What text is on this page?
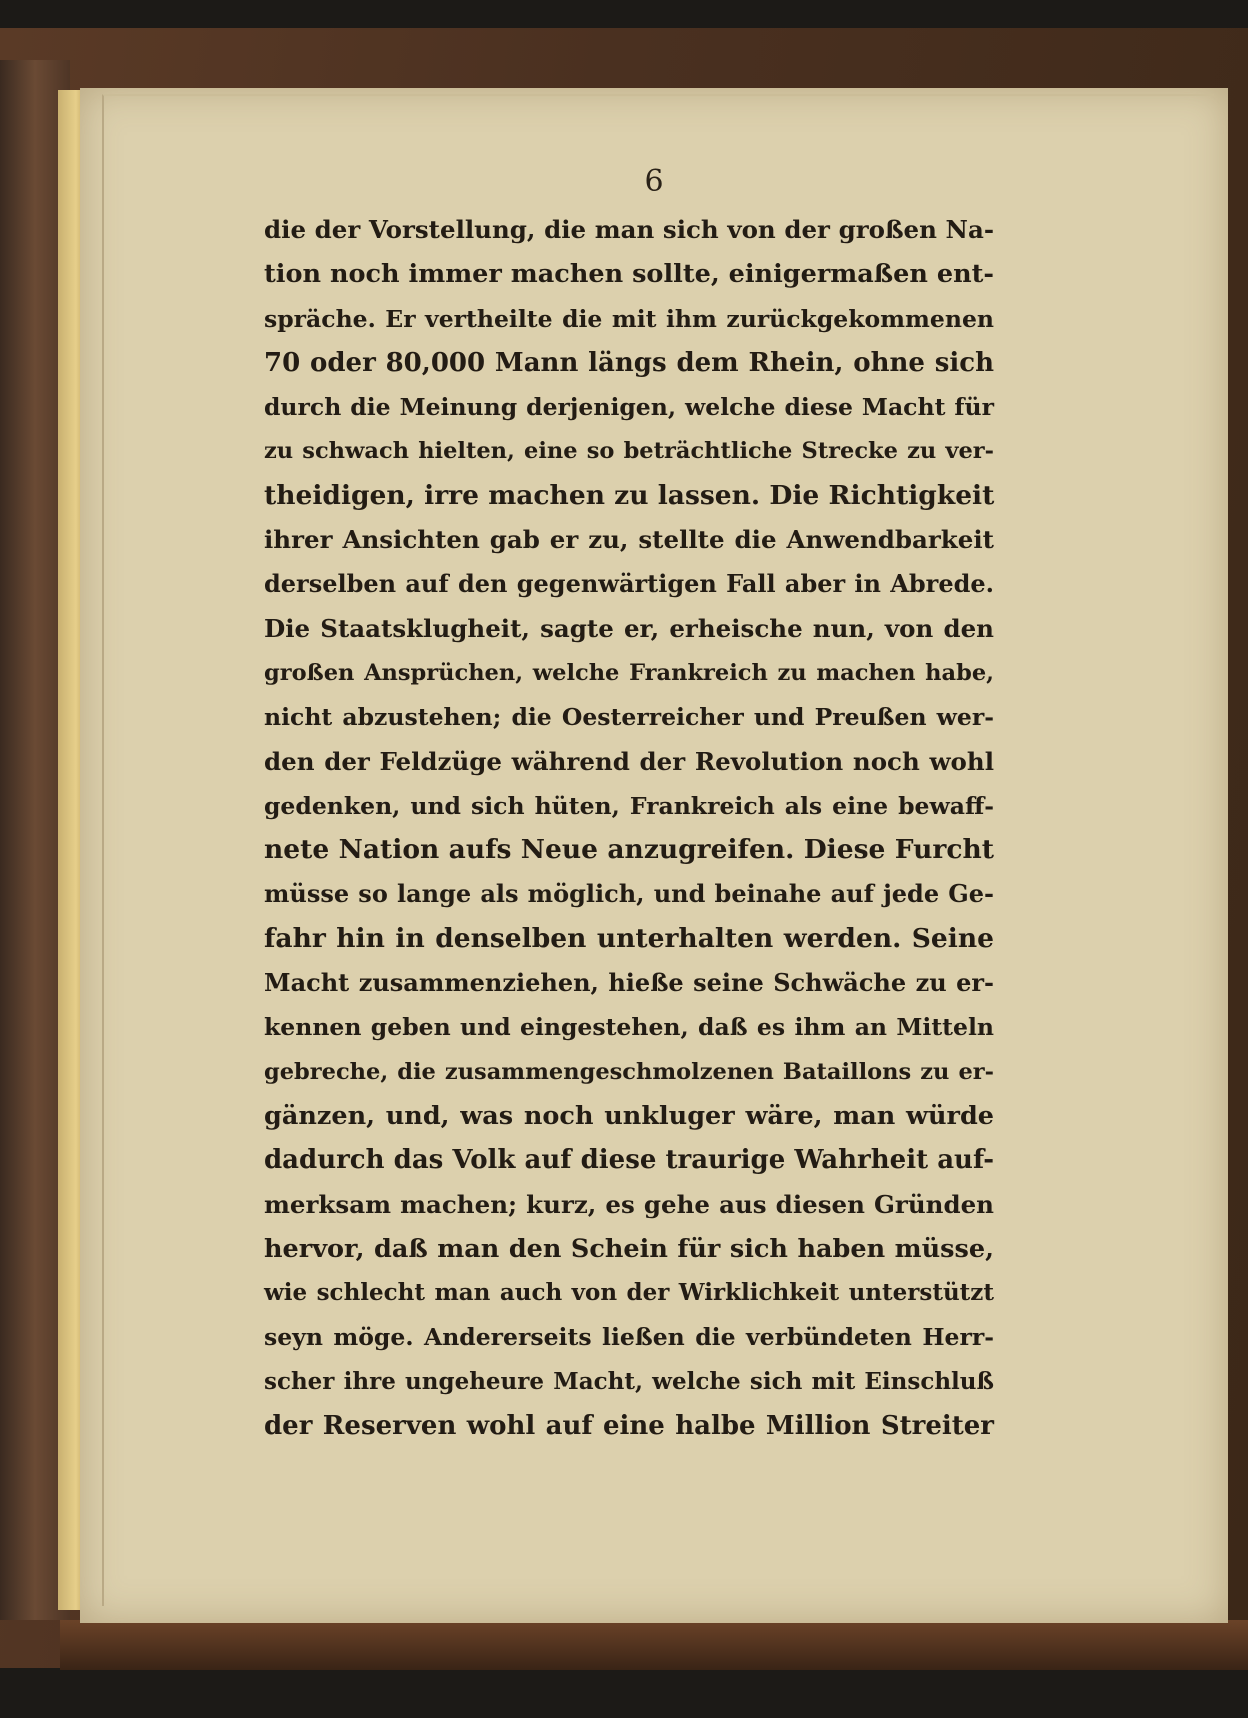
6
die der Vorstellung, die man sich von der großen Na-
tion noch immer machen sollte, einigermaßen ent-
spräche. Er vertheilte die mit ihm zurückgekommenen
70 oder 80,000 Mann längs dem Rhein, ohne sich
durch die Meinung derjenigen, welche diese Macht für
zu schwach hielten, eine so beträchtliche Strecke zu ver-
theidigen, irre machen zu lassen. Die Richtigkeit
ihrer Ansichten gab er zu, stellte die Anwendbarkeit
derselben auf den gegenwärtigen Fall aber in Abrede.
Die Staatsklugheit, sagte er, erheische nun, von den
großen Ansprüchen, welche Frankreich zu machen habe,
nicht abzustehen; die Oesterreicher und Preußen wer-
den der Feldzüge während der Revolution noch wohl
gedenken, und sich hüten, Frankreich als eine bewaff-
nete Nation aufs Neue anzugreifen. Diese Furcht
müsse so lange als möglich, und beinahe auf jede Ge-
fahr hin in denselben unterhalten werden. Seine
Macht zusammenziehen, hieße seine Schwäche zu er-
kennen geben und eingestehen, daß es ihm an Mitteln
gebreche, die zusammengeschmolzenen Bataillons zu er-
gänzen, und, was noch unkluger wäre, man würde
dadurch das Volk auf diese traurige Wahrheit auf-
merksam machen; kurz, es gehe aus diesen Gründen
hervor, daß man den Schein für sich haben müsse,
wie schlecht man auch von der Wirklichkeit unterstützt
seyn möge. Andererseits ließen die verbündeten Herr-
scher ihre ungeheure Macht, welche sich mit Einschluß
der Reserven wohl auf eine halbe Million Streiter
